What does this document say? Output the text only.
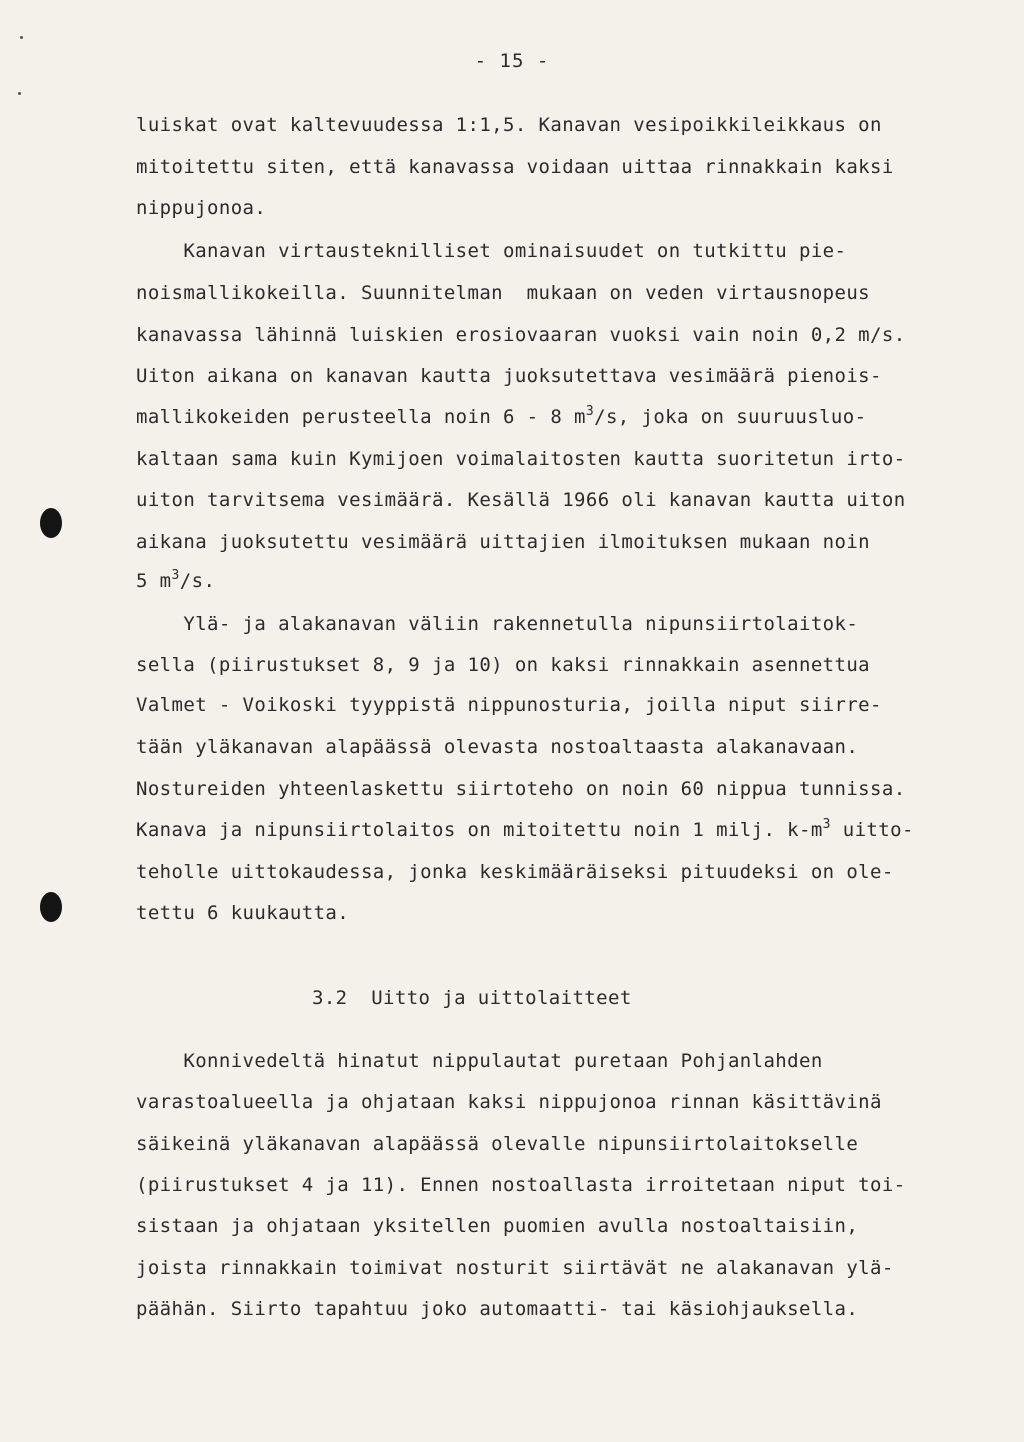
- 15 -
luiskat ovat kaltevuudessa 1:1,5. Kanavan vesipoikkileikkaus on
mitoitettu siten, että kanavassa voidaan uittaa rinnakkain kaksi
nippujonoa.
Kanavan virtausteknilliset ominaisuudet on tutkittu pie-
noismallikokeilla. Suunnitelman  mukaan on veden virtausnopeus
kanavassa lähinnä luiskien erosiovaaran vuoksi vain noin 0,2 m/s.
Uiton aikana on kanavan kautta juoksutettava vesimäärä pienois-
mallikokeiden perusteella noin 6 - 8 $m^3/s$, joka on suuruusluo-
kaltaan sama kuin Kymijoen voimalaitosten kautta suoritetun irto-
uiton tarvitsema vesimäärä. Kesällä 1966 oli kanavan kautta uiton
aikana juoksutettu vesimäärä uittajien ilmoituksen mukaan noin
5 $m^3/s$.
Ylä- ja alakanavan väliin rakennetulla nipunsiirtolaitok-
sella (piirustukset 8, 9 ja 10) on kaksi rinnakkain asennettua
Valmet - Voikoski tyyppistä nippunosturia, joilla niput siirre-
tään yläkanavan alapäässä olevasta nostoaltaasta alakanavaan.
Nostureiden yhteenlaskettu siirtoteho on noin 60 nippua tunnissa.
Kanava ja nipunsiirtolaitos on mitoitettu noin 1 milj. $k-m^3$ uitto-
teholle uittokaudessa, jonka keskimääräiseksi pituudeksi on ole-
tettu 6 kuukautta.
3.2  Uitto ja uittolaitteet
Konnivedeltä hinatut nippulautat puretaan Pohjanlahden
varastoalueella ja ohjataan kaksi nippujonoa rinnan käsittävinä
säikeinä yläkanavan alapäässä olevalle nipunsiirtolaitokselle
(piirustukset 4 ja 11). Ennen nostoallasta irroitetaan niput toi-
sistaan ja ohjataan yksitellen puomien avulla nostoaltaisiin,
joista rinnakkain toimivat nosturit siirtävät ne alakanavan ylä-
päähän. Siirto tapahtuu joko automaatti- tai käsiohjauksella.
